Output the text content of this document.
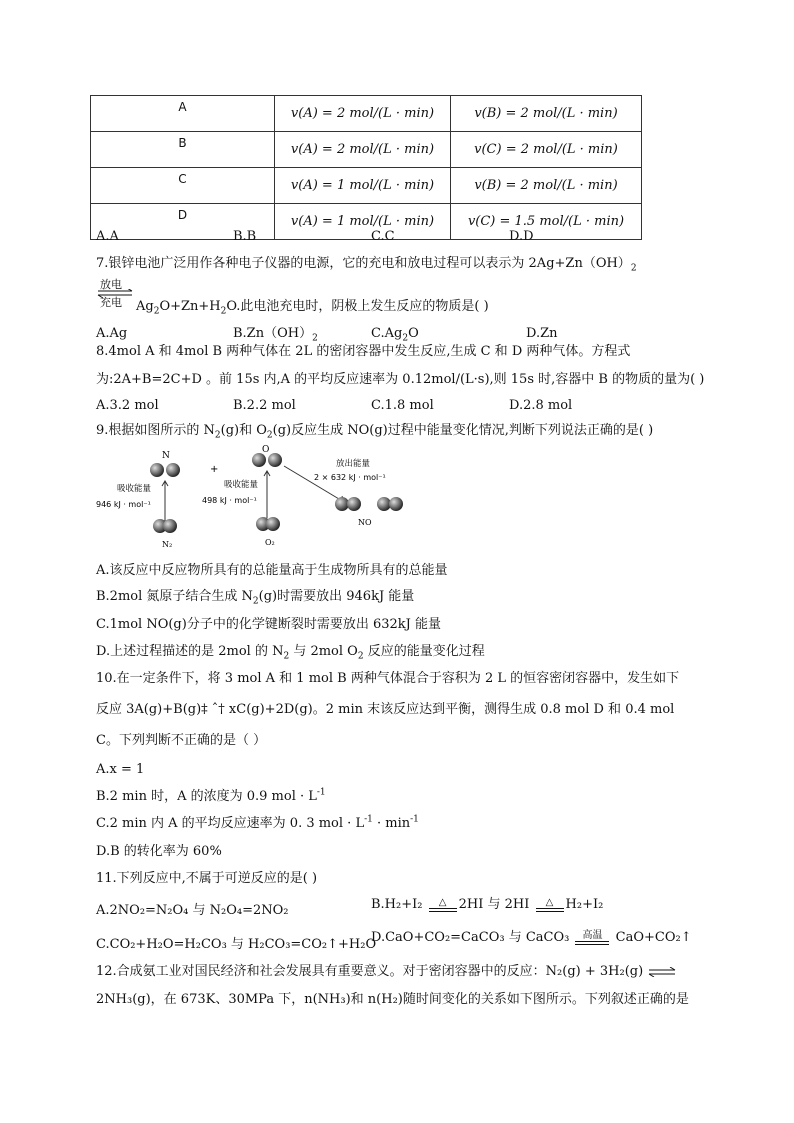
A	v(A) = 2 mol/(L · min)	v(B) = 2 mol/(L · min)
B	v(A) = 2 mol/(L · min)	v(C) = 2 mol/(L · min)
C	v(A) = 1 mol/(L · min)	v(B) = 2 mol/(L · min)
D	v(A) = 1 mol/(L · min)	v(C) = 1.5 mol/(L · min)
A.A	B.B	C.C	D.D
7.银锌电池广泛用作各种电子仪器的电源，它的充电和放电过程可以表示为 $2Ag+Zn(OH)_2$
放电
充电 $Ag_2O+Zn+H_2O$.此电池充电时，阴极上发生反应的物质是( )
A.Ag	$B.Zn(OH)_2$	$C.Ag_2O$	D.Zn
8.4mol A 和 4mol B 两种气体在 2L 的密闭容器中发生反应,生成 C 和 D 两种气体。方程式
为:2A+B=2C+D 。前 15s 内,A 的平均反应速率为 0.12mol/(L·s),则 15s 时,容器中 B 的物质的量为( )
A.3.2 mol	B.2.2 mol	C.1.8 mol	D.2.8 mol
9.根据如图所示的 $N_2(g)$和 $O_2(g)$反应生成 NO(g)过程中能量变化情况,判断下列说法正确的是( )
N
吸收能量
946 kJ · mol⁻¹
N₂
+
O
吸收能量
498 kJ · mol⁻¹
O₂
放出能量
2 × 632 kJ · mol⁻¹
NO
A.该反应中反应物所具有的总能量高于生成物所具有的总能量
B.2mol 氮原子结合生成 $N_2(g)$时需要放出 946kJ 能量
C.1mol NO(g)分子中的化学键断裂时需要放出 632kJ 能量
D.上述过程描述的是 2mol 的 $N_2$ 与 2mol $O_2$ 反应的能量变化过程
10.在一定条件下，将 3 mol A 和 1 mol B 两种气体混合于容积为 2 L 的恒容密闭容器中，发生如下
反应 3A(g)+B(g)‡ ˆ† xC(g)+2D(g)。2 min 末该反应达到平衡，测得生成 0.8 mol D 和 0.4 mol
C。下列判断不正确的是（ ）
A.x = 1
B.2 min 时，A 的浓度为 0.9 mol · $L^{-1}$
C.2 min 内 A 的平均反应速率为 0. 3 mol · $L^{-1} \cdot \min^{-1}$
D.B 的转化率为 60%
11.下列反应中,不属于可逆反应的是( )
A.2NO₂=N₂O₄ 与 N₂O₄=2NO₂	B.H₂+I₂	△ 2HI 与 2HI	△ H₂+I₂
C.CO₂+H₂O=H₂CO₃ 与 H₂CO₃=CO₂↑+H₂O
D.CaO+CO₂=CaCO₃ 与 CaCO₃	高温	CaO+CO₂↑
12.合成氨工业对国民经济和社会发展具有重要意义。对于密闭容器中的反应：N₂(g) + 3H₂(g) ⇌
2NH₃(g)，在 673K、30MPa 下，n(NH₃)和 n(H₂)随时间变化的关系如下图所示。下列叙述正确的是
